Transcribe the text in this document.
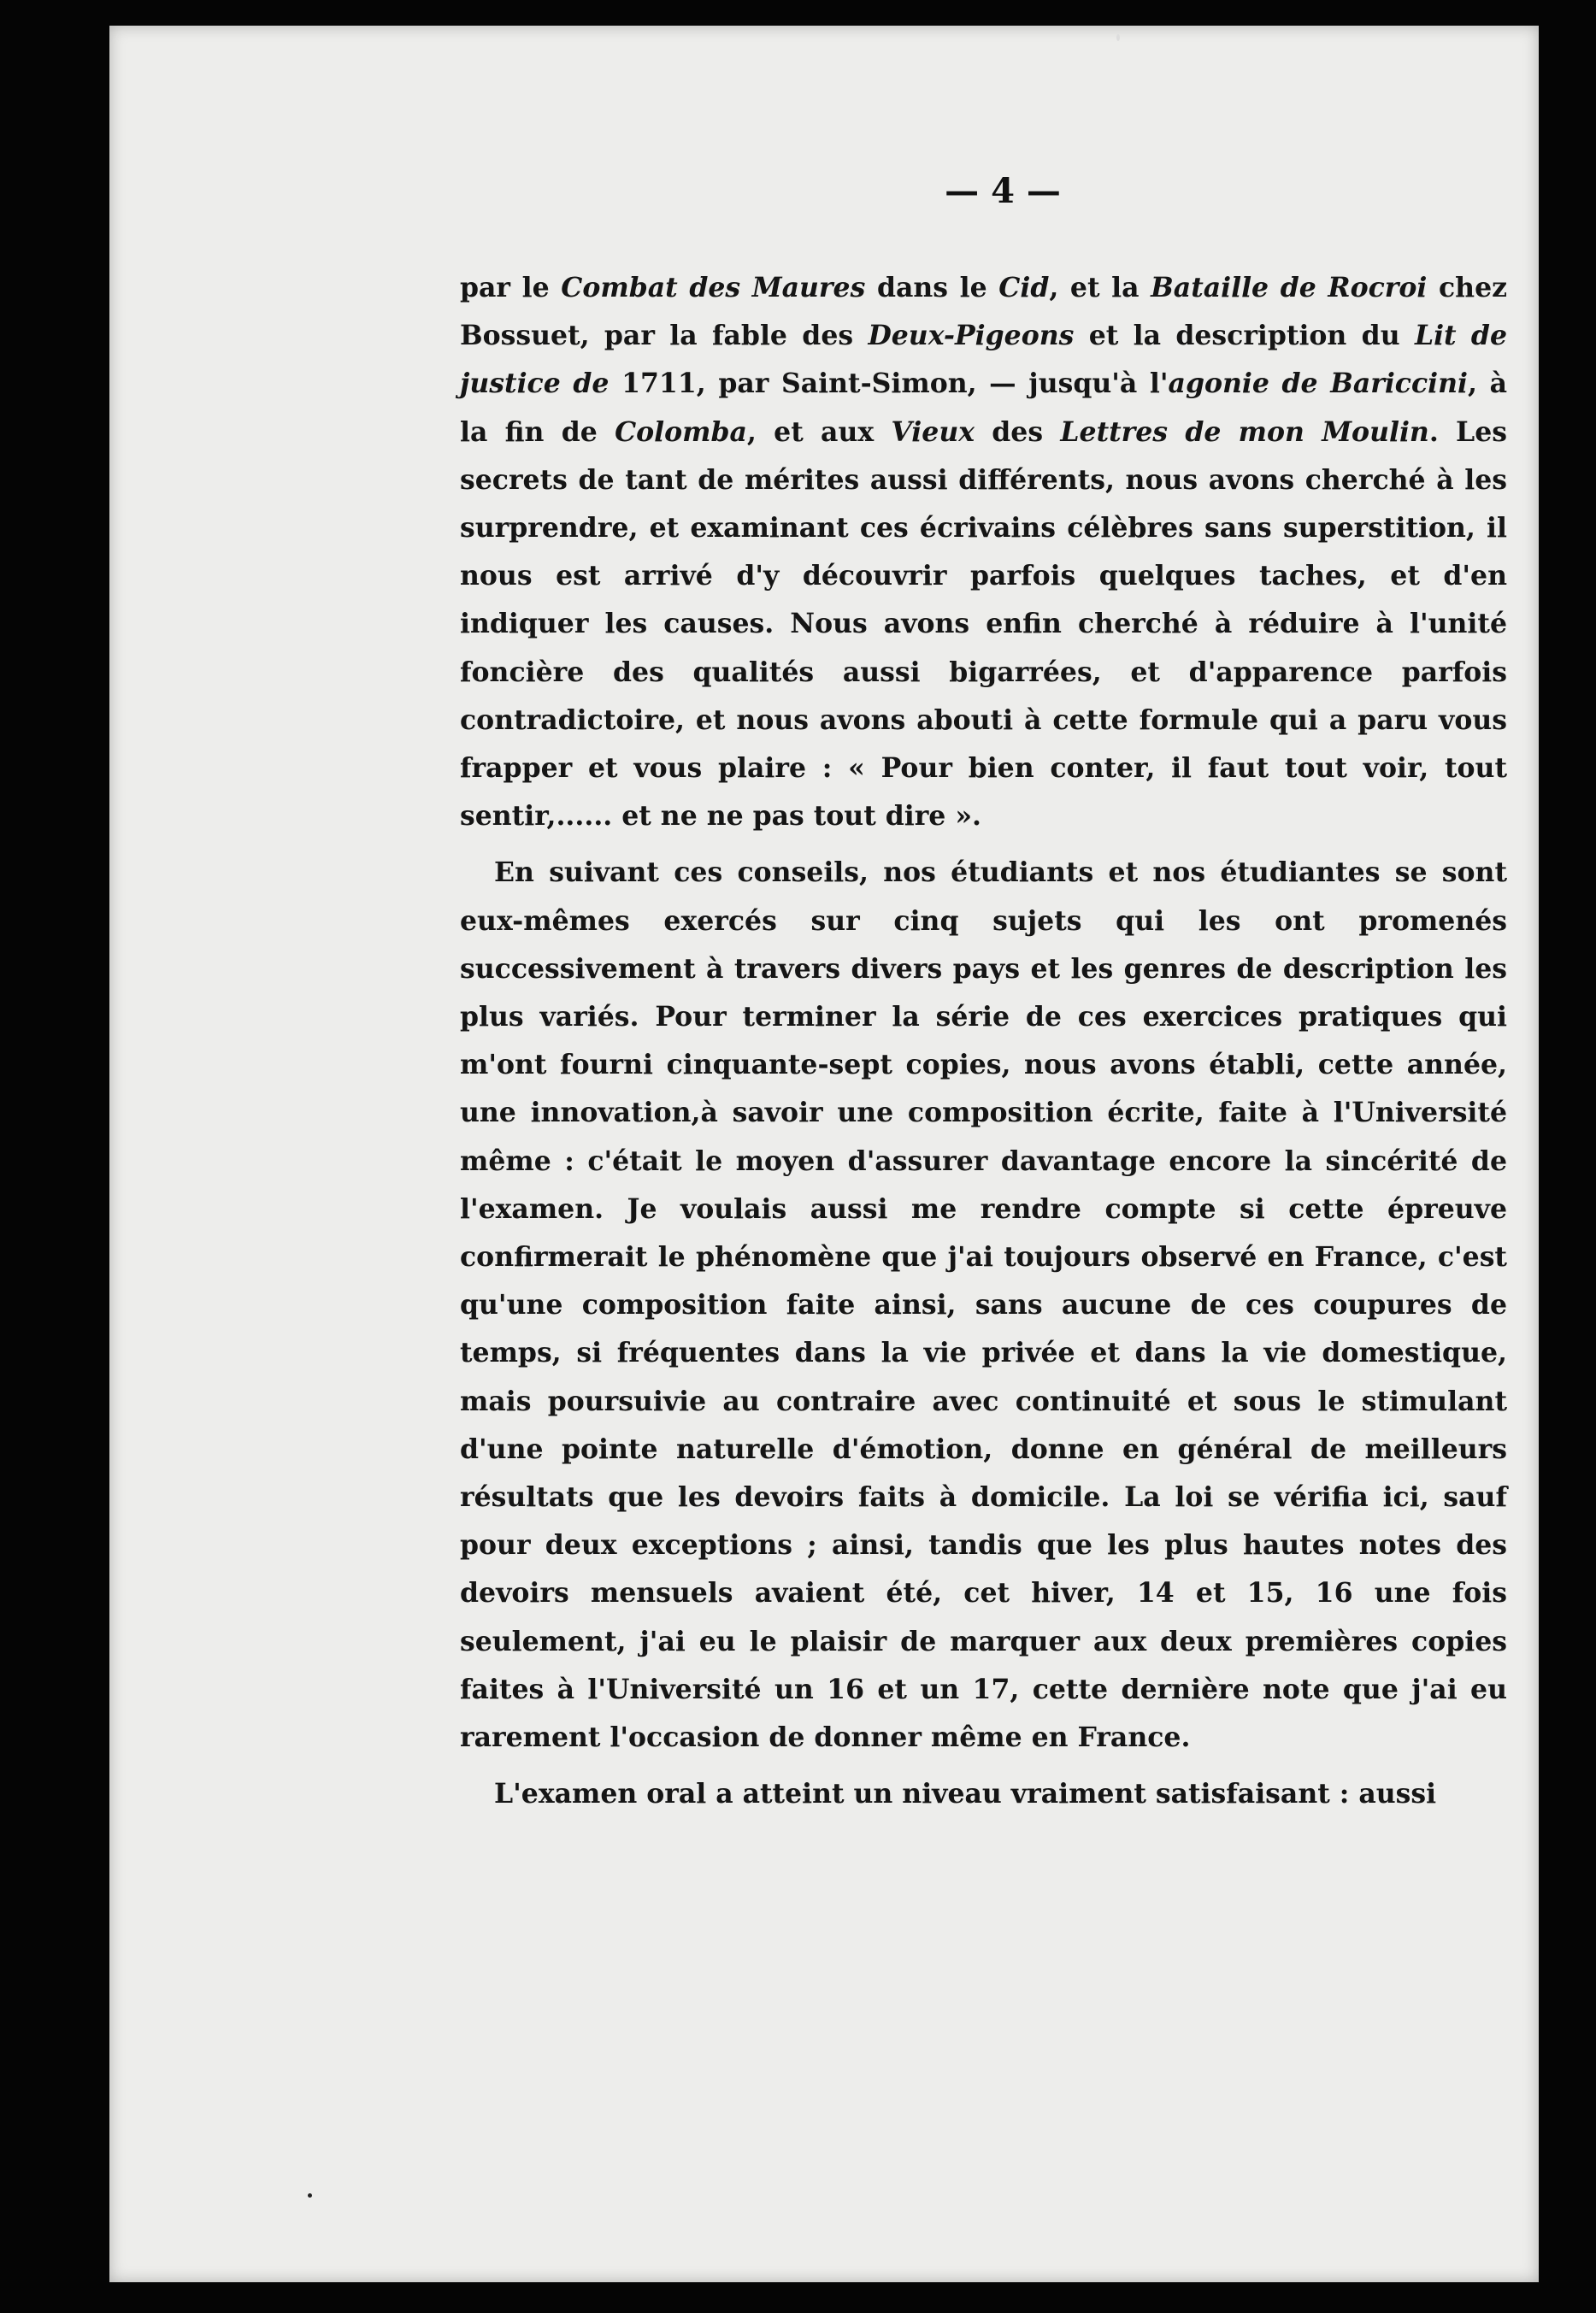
— 4 —

par le Combat des Maures dans le Cid, et la Bataille de Rocroi chez Bossuet, par la fable des Deux-Pigeons et la description du Lit de justice de 1711, par Saint-Simon, — jusqu'à l'agonie de Bariccini, à la fin de Colomba, et aux Vieux des Lettres de mon Moulin. Les secrets de tant de mérites aussi différents, nous avons cherché à les surprendre, et examinant ces écrivains célèbres sans superstition, il nous est arrivé d'y découvrir parfois quelques taches, et d'en indiquer les causes. Nous avons enfin cherché à réduire à l'unité foncière des qualités aussi bigarrées, et d'apparence parfois contradictoire, et nous avons abouti à cette formule qui a paru vous frapper et vous plaire : « Pour bien conter, il faut tout voir, tout sentir,...... et ne ne pas tout dire ».

En suivant ces conseils, nos étudiants et nos étudiantes se sont eux-mêmes exercés sur cinq sujets qui les ont promenés successivement à travers divers pays et les genres de description les plus variés. Pour terminer la série de ces exercices pratiques qui m'ont fourni cinquante-sept copies, nous avons établi, cette année, une innovation,à savoir une composition écrite, faite à l'Université même : c'était le moyen d'assurer davantage encore la sincérité de l'examen. Je voulais aussi me rendre compte si cette épreuve confirmerait le phénomène que j'ai toujours observé en France, c'est qu'une composition faite ainsi, sans aucune de ces coupures de temps, si fréquentes dans la vie privée et dans la vie domestique, mais poursuivie au contraire avec continuité et sous le stimulant d'une pointe naturelle d'émotion, donne en général de meilleurs résultats que les devoirs faits à domicile. La loi se vérifia ici, sauf pour deux exceptions ; ainsi, tandis que les plus hautes notes des devoirs mensuels avaient été, cet hiver, 14 et 15, 16 une fois seulement, j'ai eu le plaisir de marquer aux deux premières copies faites à l'Université un 16 et un 17, cette dernière note que j'ai eu rarement l'occasion de donner même en France.

L'examen oral a atteint un niveau vraiment satisfaisant : aussi
